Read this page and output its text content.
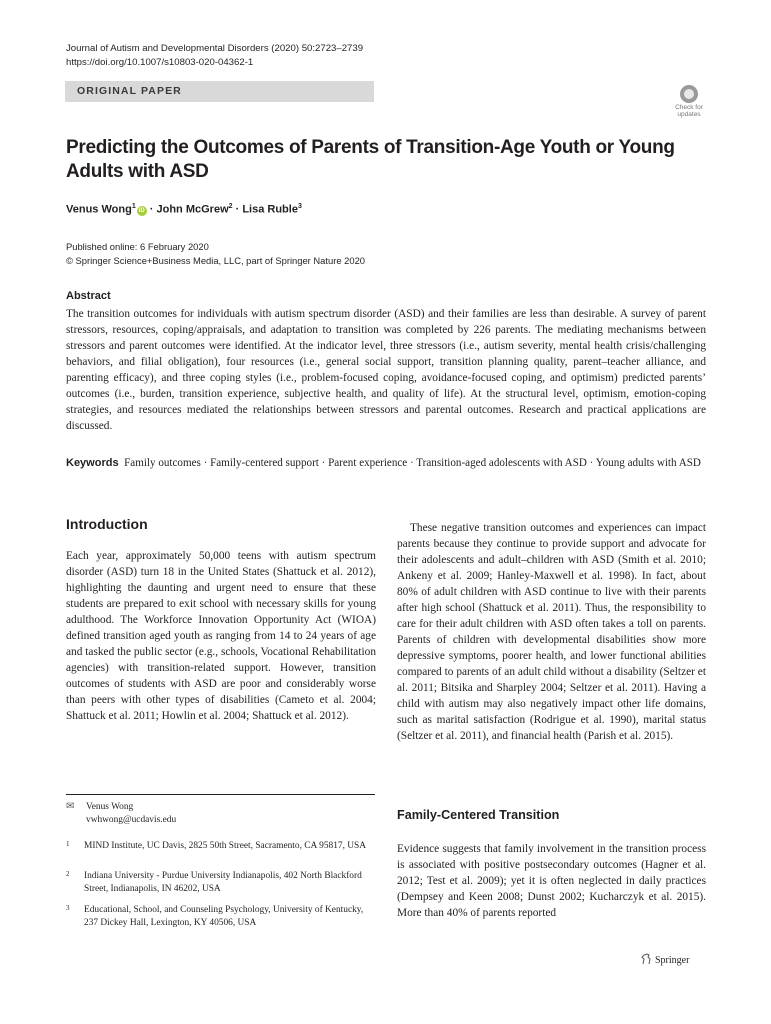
Journal of Autism and Developmental Disorders (2020) 50:2723–2739
https://doi.org/10.1007/s10803-020-04362-1
ORIGINAL PAPER
Check for updates
Predicting the Outcomes of Parents of Transition-Age Youth or Young Adults with ASD
Venus Wong$^1$iD · John McGrew$^2$ · Lisa Ruble$^3$
Published online: 6 February 2020
© Springer Science+Business Media, LLC, part of Springer Nature 2020
Abstract
The transition outcomes for individuals with autism spectrum disorder (ASD) and their families are less than desirable. A survey of parent stressors, resources, coping/appraisals, and adaptation to transition was completed by 226 parents. The mediating mechanisms between stressors and parent outcomes were identified. At the indicator level, three stressors (i.e., autism severity, mental health crisis/challenging behaviors, and filial obligation), four resources (i.e., general social support, transition planning quality, parent–teacher alliance, and parenting efficacy), and three coping styles (i.e., problem-focused coping, avoidance-focused coping, and optimism) predicted parents’ outcomes (i.e., burden, transition experience, subjective health, and quality of life). At the structural level, optimism, emotion-coping strategies, and resources mediated the relationships between stressors and parental outcomes. Research and practical applications are discussed.
Keywords Family outcomes · Family-centered support · Parent experience · Transition-aged adolescents with ASD · Young adults with ASD
Introduction
Each year, approximately 50,000 teens with autism spectrum disorder (ASD) turn 18 in the United States (Shattuck et al. 2012), highlighting the daunting and urgent need to ensure that these students are prepared to exit school with necessary skills for young adulthood. The Workforce Innovation Opportunity Act (WIOA) defined transition aged youth as ranging from 14 to 24 years of age and tasked the public sector (e.g., schools, Vocational Rehabilitation agencies) with transition-related support. However, transition outcomes of students with ASD are poor and considerably worse than peers with other types of disabilities (Cameto et al. 2004; Shattuck et al. 2011; Howlin et al. 2004; Shattuck et al. 2012).
These negative transition outcomes and experiences can impact parents because they continue to provide support and advocate for their adolescents and adult–children with ASD (Smith et al. 2010; Ankeny et al. 2009; Hanley-Maxwell et al. 1998). In fact, about 80% of adult children with ASD continue to live with their parents after high school (Shattuck et al. 2011). Thus, the responsibility to care for their adult children with ASD often takes a toll on parents. Parents of children with developmental disabilities show more depressive symptoms, poorer health, and lower functional abilities compared to parents of an adult child without a disability (Seltzer et al. 2011; Bitsika and Sharpley 2004; Seltzer et al. 2011). Having a child with autism may also negatively impact other life domains, such as marital satisfaction (Rodrigue et al. 1990), marital status (Seltzer et al. 2011), and financial health (Parish et al. 2015).
✉ Venus Wong
vwhwong@ucdavis.edu
1 MIND Institute, UC Davis, 2825 50th Street, Sacramento, CA 95817, USA
2 Indiana University - Purdue University Indianapolis, 402 North Blackford Street, Indianapolis, IN 46202, USA
3 Educational, School, and Counseling Psychology, University of Kentucky, 237 Dickey Hall, Lexington, KY 40506, USA
Family-Centered Transition
Evidence suggests that family involvement in the transition process is associated with positive postsecondary outcomes (Hagner et al. 2012; Test et al. 2009); yet it is often neglected in daily practices (Dempsey and Keen 2008; Dunst 2002; Kucharczyk et al. 2015). More than 40% of parents reported
Springer
